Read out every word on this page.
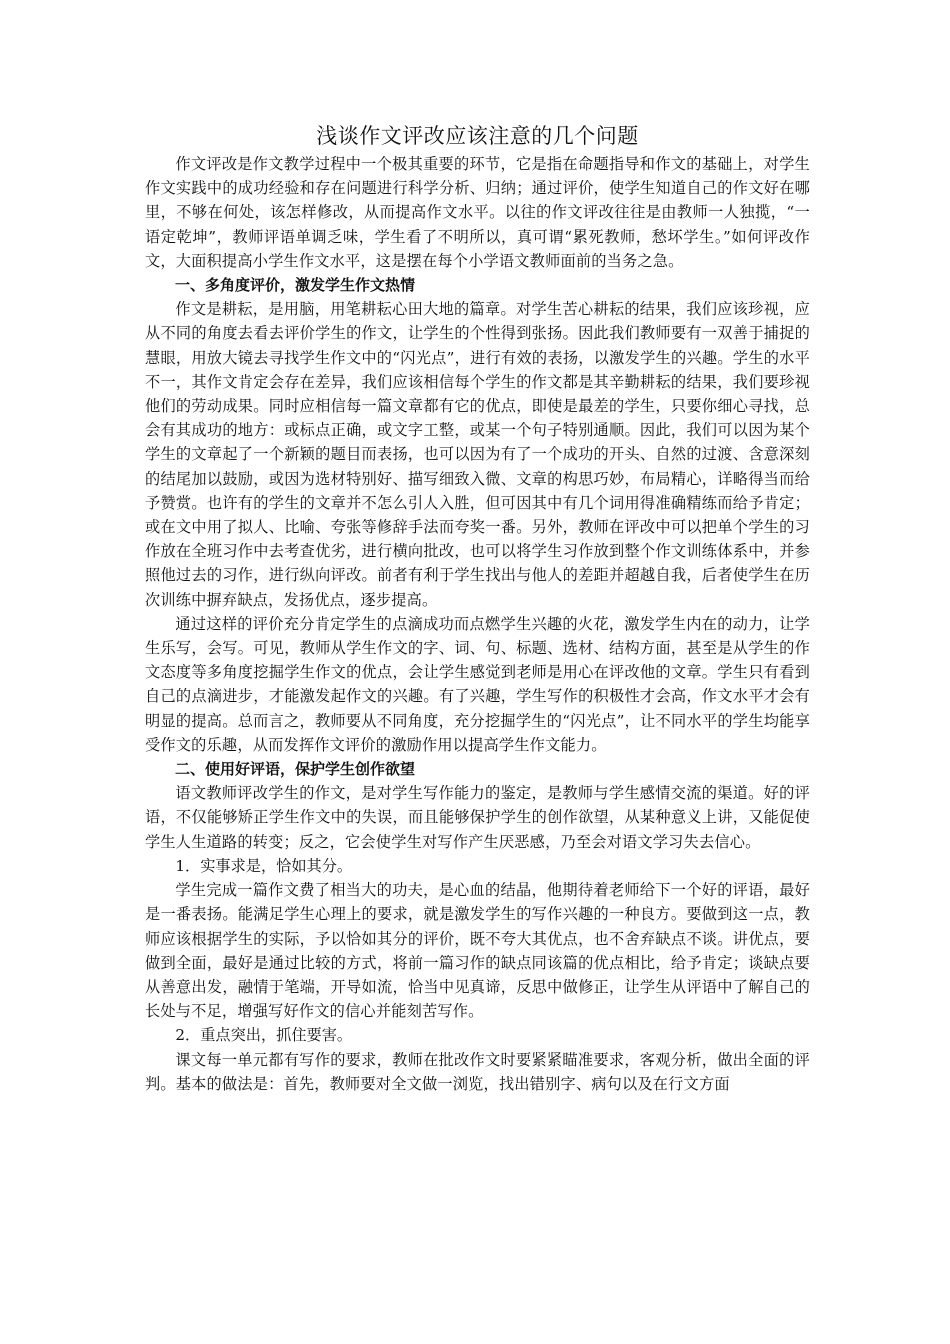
浅谈作文评改应该注意的几个问题

作文评改是作文教学过程中一个极其重要的环节，它是指在命题指导和作文的基础上，对学生作文实践中的成功经验和存在问题进行科学分析、归纳；通过评价，使学生知道自己的作文好在哪里，不够在何处，该怎样修改，从而提高作文水平。以往的作文评改往往是由教师一人独揽，“一语定乾坤”，教师评语单调乏味，学生看了不明所以，真可谓“累死教师，愁坏学生。”如何评改作文，大面积提高小学生作文水平，这是摆在每个小学语文教师面前的当务之急。

一、多角度评价，激发学生作文热情

作文是耕耘，是用脑，用笔耕耘心田大地的篇章。对学生苦心耕耘的结果，我们应该珍视，应从不同的角度去看去评价学生的作文，让学生的个性得到张扬。因此我们教师要有一双善于捕捉的慧眼，用放大镜去寻找学生作文中的“闪光点”，进行有效的表扬，以激发学生的兴趣。学生的水平不一，其作文肯定会存在差异，我们应该相信每个学生的作文都是其辛勤耕耘的结果，我们要珍视他们的劳动成果。同时应相信每一篇文章都有它的优点，即使是最差的学生，只要你细心寻找，总会有其成功的地方：或标点正确，或文字工整，或某一个句子特别通顺。因此，我们可以因为某个学生的文章起了一个新颖的题目而表扬，也可以因为有了一个成功的开头、自然的过渡、含意深刻的结尾加以鼓励，或因为选材特别好、描写细致入微、文章的构思巧妙，布局精心，详略得当而给予赞赏。也许有的学生的文章并不怎么引人入胜，但可因其中有几个词用得准确精练而给予肯定；或在文中用了拟人、比喻、夸张等修辞手法而夸奖一番。另外，教师在评改中可以把单个学生的习作放在全班习作中去考查优劣，进行横向批改，也可以将学生习作放到整个作文训练体系中，并参照他过去的习作，进行纵向评改。前者有利于学生找出与他人的差距并超越自我，后者使学生在历次训练中摒弃缺点，发扬优点，逐步提高。

通过这样的评价充分肯定学生的点滴成功而点燃学生兴趣的火花，激发学生内在的动力，让学生乐写，会写。可见，教师从学生作文的字、词、句、标题、选材、结构方面，甚至是从学生的作文态度等多角度挖掘学生作文的优点，会让学生感觉到老师是用心在评改他的文章。学生只有看到自己的点滴进步，才能激发起作文的兴趣。有了兴趣，学生写作的积极性才会高，作文水平才会有明显的提高。总而言之，教师要从不同角度，充分挖掘学生的“闪光点”，让不同水平的学生均能享受作文的乐趣，从而发挥作文评价的激励作用以提高学生作文能力。

二、使用好评语，保护学生创作欲望

语文教师评改学生的作文，是对学生写作能力的鉴定，是教师与学生感情交流的渠道。好的评语，不仅能够矫正学生作文中的失误，而且能够保护学生的创作欲望，从某种意义上讲，又能促使学生人生道路的转变；反之，它会使学生对写作产生厌恶感，乃至会对语文学习失去信心。

1．实事求是，恰如其分。

学生完成一篇作文费了相当大的功夫，是心血的结晶，他期待着老师给下一个好的评语，最好是一番表扬。能满足学生心理上的要求，就是激发学生的写作兴趣的一种良方。要做到这一点，教师应该根据学生的实际，予以恰如其分的评价，既不夸大其优点，也不舍弃缺点不谈。讲优点，要做到全面，最好是通过比较的方式，将前一篇习作的缺点同该篇的优点相比，给予肯定；谈缺点要从善意出发，融情于笔端，开导如流，恰当中见真谛，反思中做修正，让学生从评语中了解自己的长处与不足，增强写好作文的信心并能刻苦写作。

2．重点突出，抓住要害。

课文每一单元都有写作的要求，教师在批改作文时要紧紧瞄准要求，客观分析，做出全面的评判。基本的做法是：首先，教师要对全文做一浏览，找出错别字、病句以及在行文方面
